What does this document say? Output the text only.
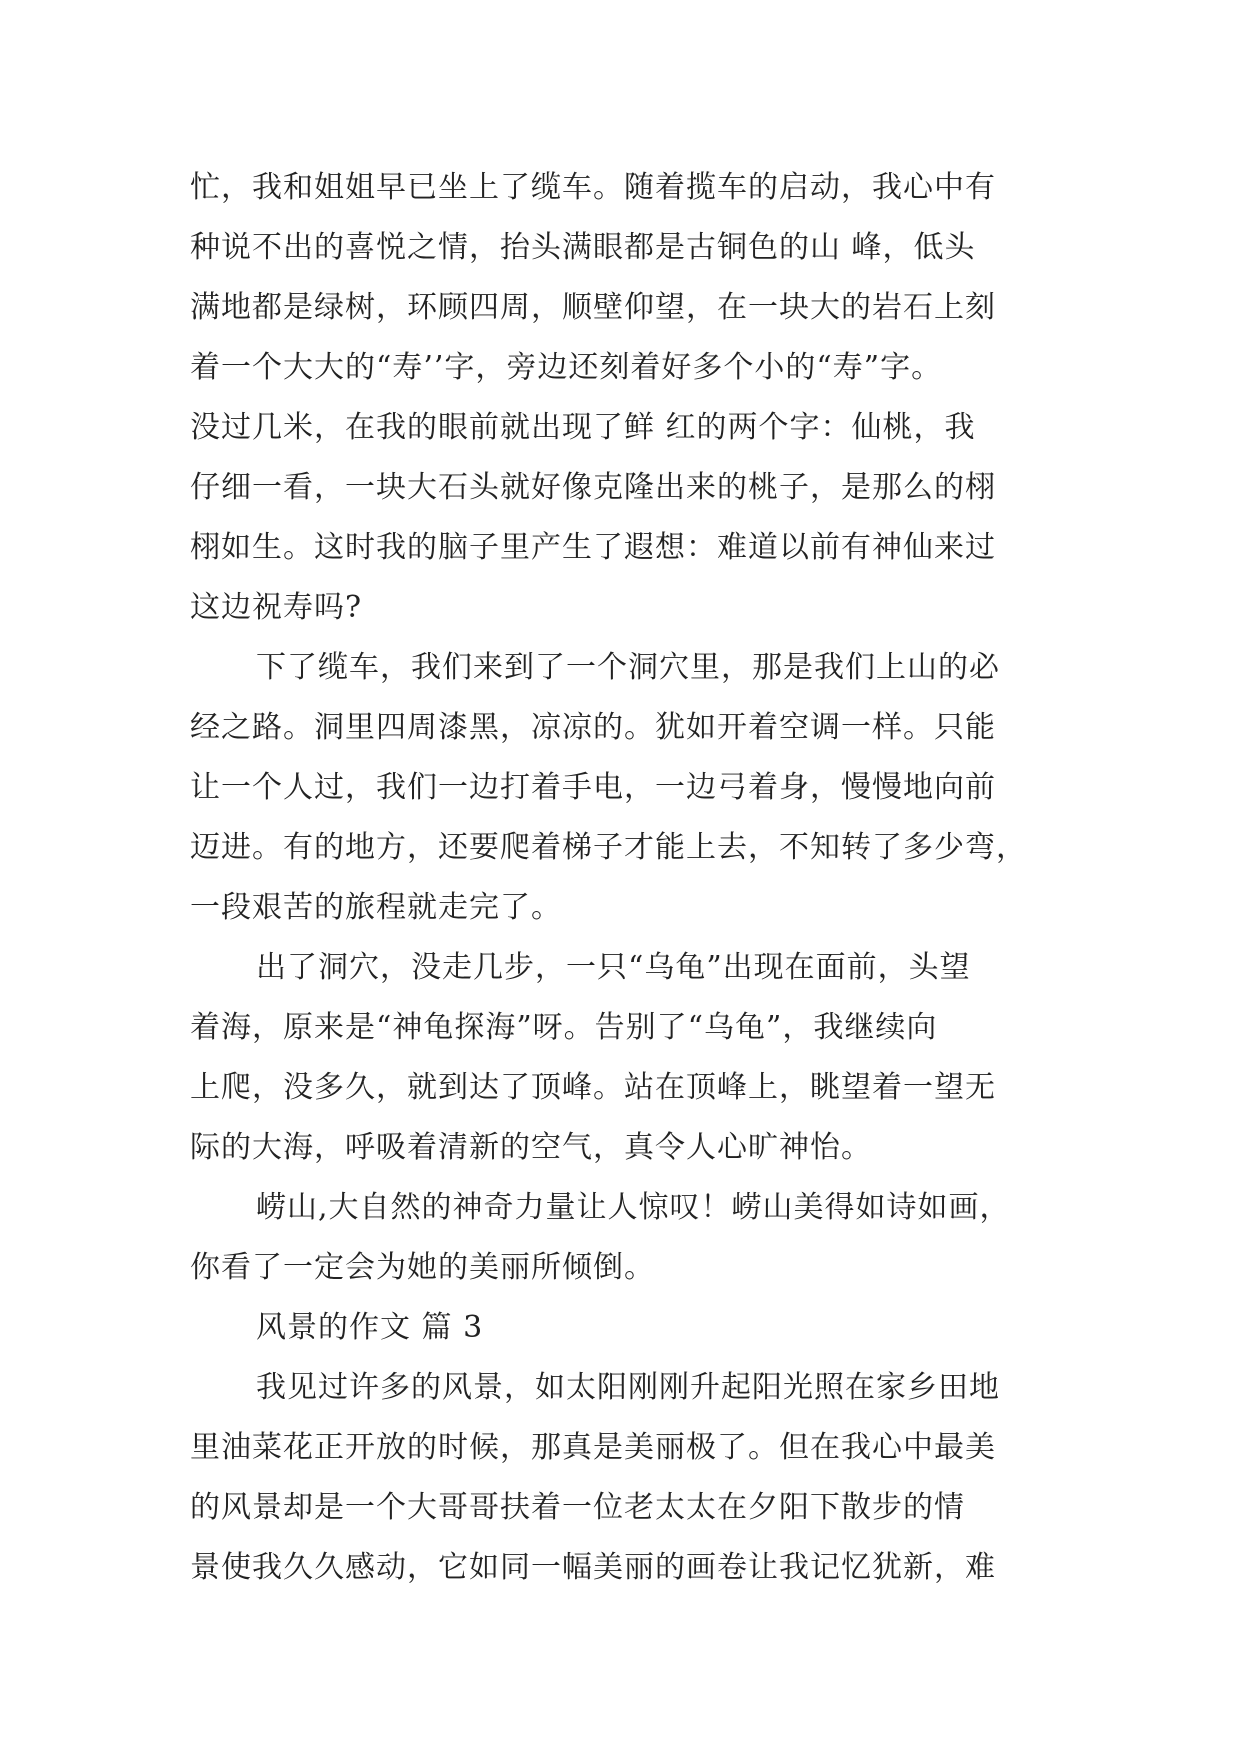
忙，我和姐姐早已坐上了缆车。随着揽车的启动，我心中有
种说不出的喜悦之情，抬头满眼都是古铜色的山 峰，低头
满地都是绿树，环顾四周，顺壁仰望，在一块大的岩石上刻
着一个大大的“寿’’字，旁边还刻着好多个小的“寿”字。
没过几米，在我的眼前就出现了鲜 红的两个字：仙桃，我
仔细一看，一块大石头就好像克隆出来的桃子，是那么的栩
栩如生。这时我的脑子里产生了遐想：难道以前有神仙来过
这边祝寿吗?
下了缆车，我们来到了一个洞穴里，那是我们上山的必
经之路。洞里四周漆黑，凉凉的。犹如开着空调一样。只能
让一个人过，我们一边打着手电，一边弓着身，慢慢地向前
迈进。有的地方，还要爬着梯子才能上去，不知转了多少弯，
一段艰苦的旅程就走完了。
出了洞穴，没走几步，一只“乌龟”出现在面前，头望
着海，原来是“神龟探海”呀。告别了“乌龟”，我继续向
上爬，没多久，就到达了顶峰。站在顶峰上，眺望着一望无
际的大海，呼吸着清新的空气，真令人心旷神怡。
崂山,大自然的神奇力量让人惊叹！崂山美得如诗如画，
你看了一定会为她的美丽所倾倒。
风景的作文 篇 3
我见过许多的风景，如太阳刚刚升起阳光照在家乡田地
里油菜花正开放的时候，那真是美丽极了。但在我心中最美
的风景却是一个大哥哥扶着一位老太太在夕阳下散步的情
景使我久久感动，它如同一幅美丽的画卷让我记忆犹新，难
